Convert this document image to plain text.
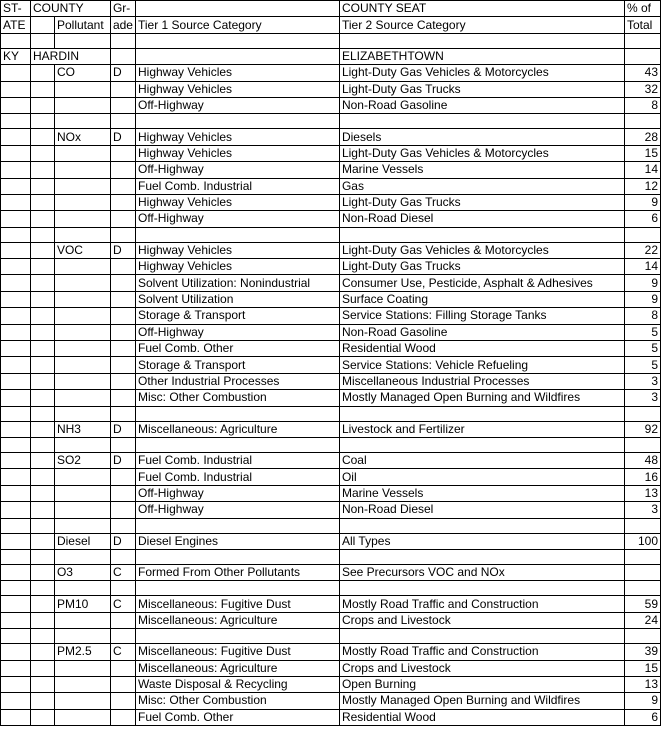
ST-	COUNTY		Gr-		COUNTY SEAT	% of
ATE		Pollutant	ade	Tier 1 Source Category	Tier 2 Source Category	Total

KY	HARDIN				ELIZABETHTOWN	
		CO	D	Highway Vehicles	Light-Duty Gas Vehicles & Motorcycles	43
				Highway Vehicles	Light-Duty Gas Trucks	32
				Off-Highway	Non-Road Gasoline	8

		NOx	D	Highway Vehicles	Diesels	28
				Highway Vehicles	Light-Duty Gas Vehicles & Motorcycles	15
				Off-Highway	Marine Vessels	14
				Fuel Comb. Industrial	Gas	12
				Highway Vehicles	Light-Duty Gas Trucks	9
				Off-Highway	Non-Road Diesel	6

		VOC	D	Highway Vehicles	Light-Duty Gas Vehicles & Motorcycles	22
				Highway Vehicles	Light-Duty Gas Trucks	14
				Solvent Utilization: Nonindustrial	Consumer Use, Pesticide, Asphalt & Adhesives	9
				Solvent Utilization	Surface Coating	9
				Storage & Transport	Service Stations: Filling Storage Tanks	8
				Off-Highway	Non-Road Gasoline	5
				Fuel Comb. Other	Residential Wood	5
				Storage & Transport	Service Stations: Vehicle Refueling	5
				Other Industrial Processes	Miscellaneous Industrial Processes	3
				Misc: Other Combustion	Mostly Managed Open Burning and Wildfires	3

		NH3	D	Miscellaneous: Agriculture	Livestock and Fertilizer	92

		SO2	D	Fuel Comb. Industrial	Coal	48
				Fuel Comb. Industrial	Oil	16
				Off-Highway	Marine Vessels	13
				Off-Highway	Non-Road Diesel	3

		Diesel	D	Diesel Engines	All Types	100

		O3	C	Formed From Other Pollutants	See Precursors VOC and NOx	

		PM10	C	Miscellaneous: Fugitive Dust	Mostly Road Traffic and Construction	59
				Miscellaneous: Agriculture	Crops and Livestock	24

		PM2.5	C	Miscellaneous: Fugitive Dust	Mostly Road Traffic and Construction	39
				Miscellaneous: Agriculture	Crops and Livestock	15
				Waste Disposal & Recycling	Open Burning	13
				Misc: Other Combustion	Mostly Managed Open Burning and Wildfires	9
				Fuel Comb. Other	Residential Wood	6
